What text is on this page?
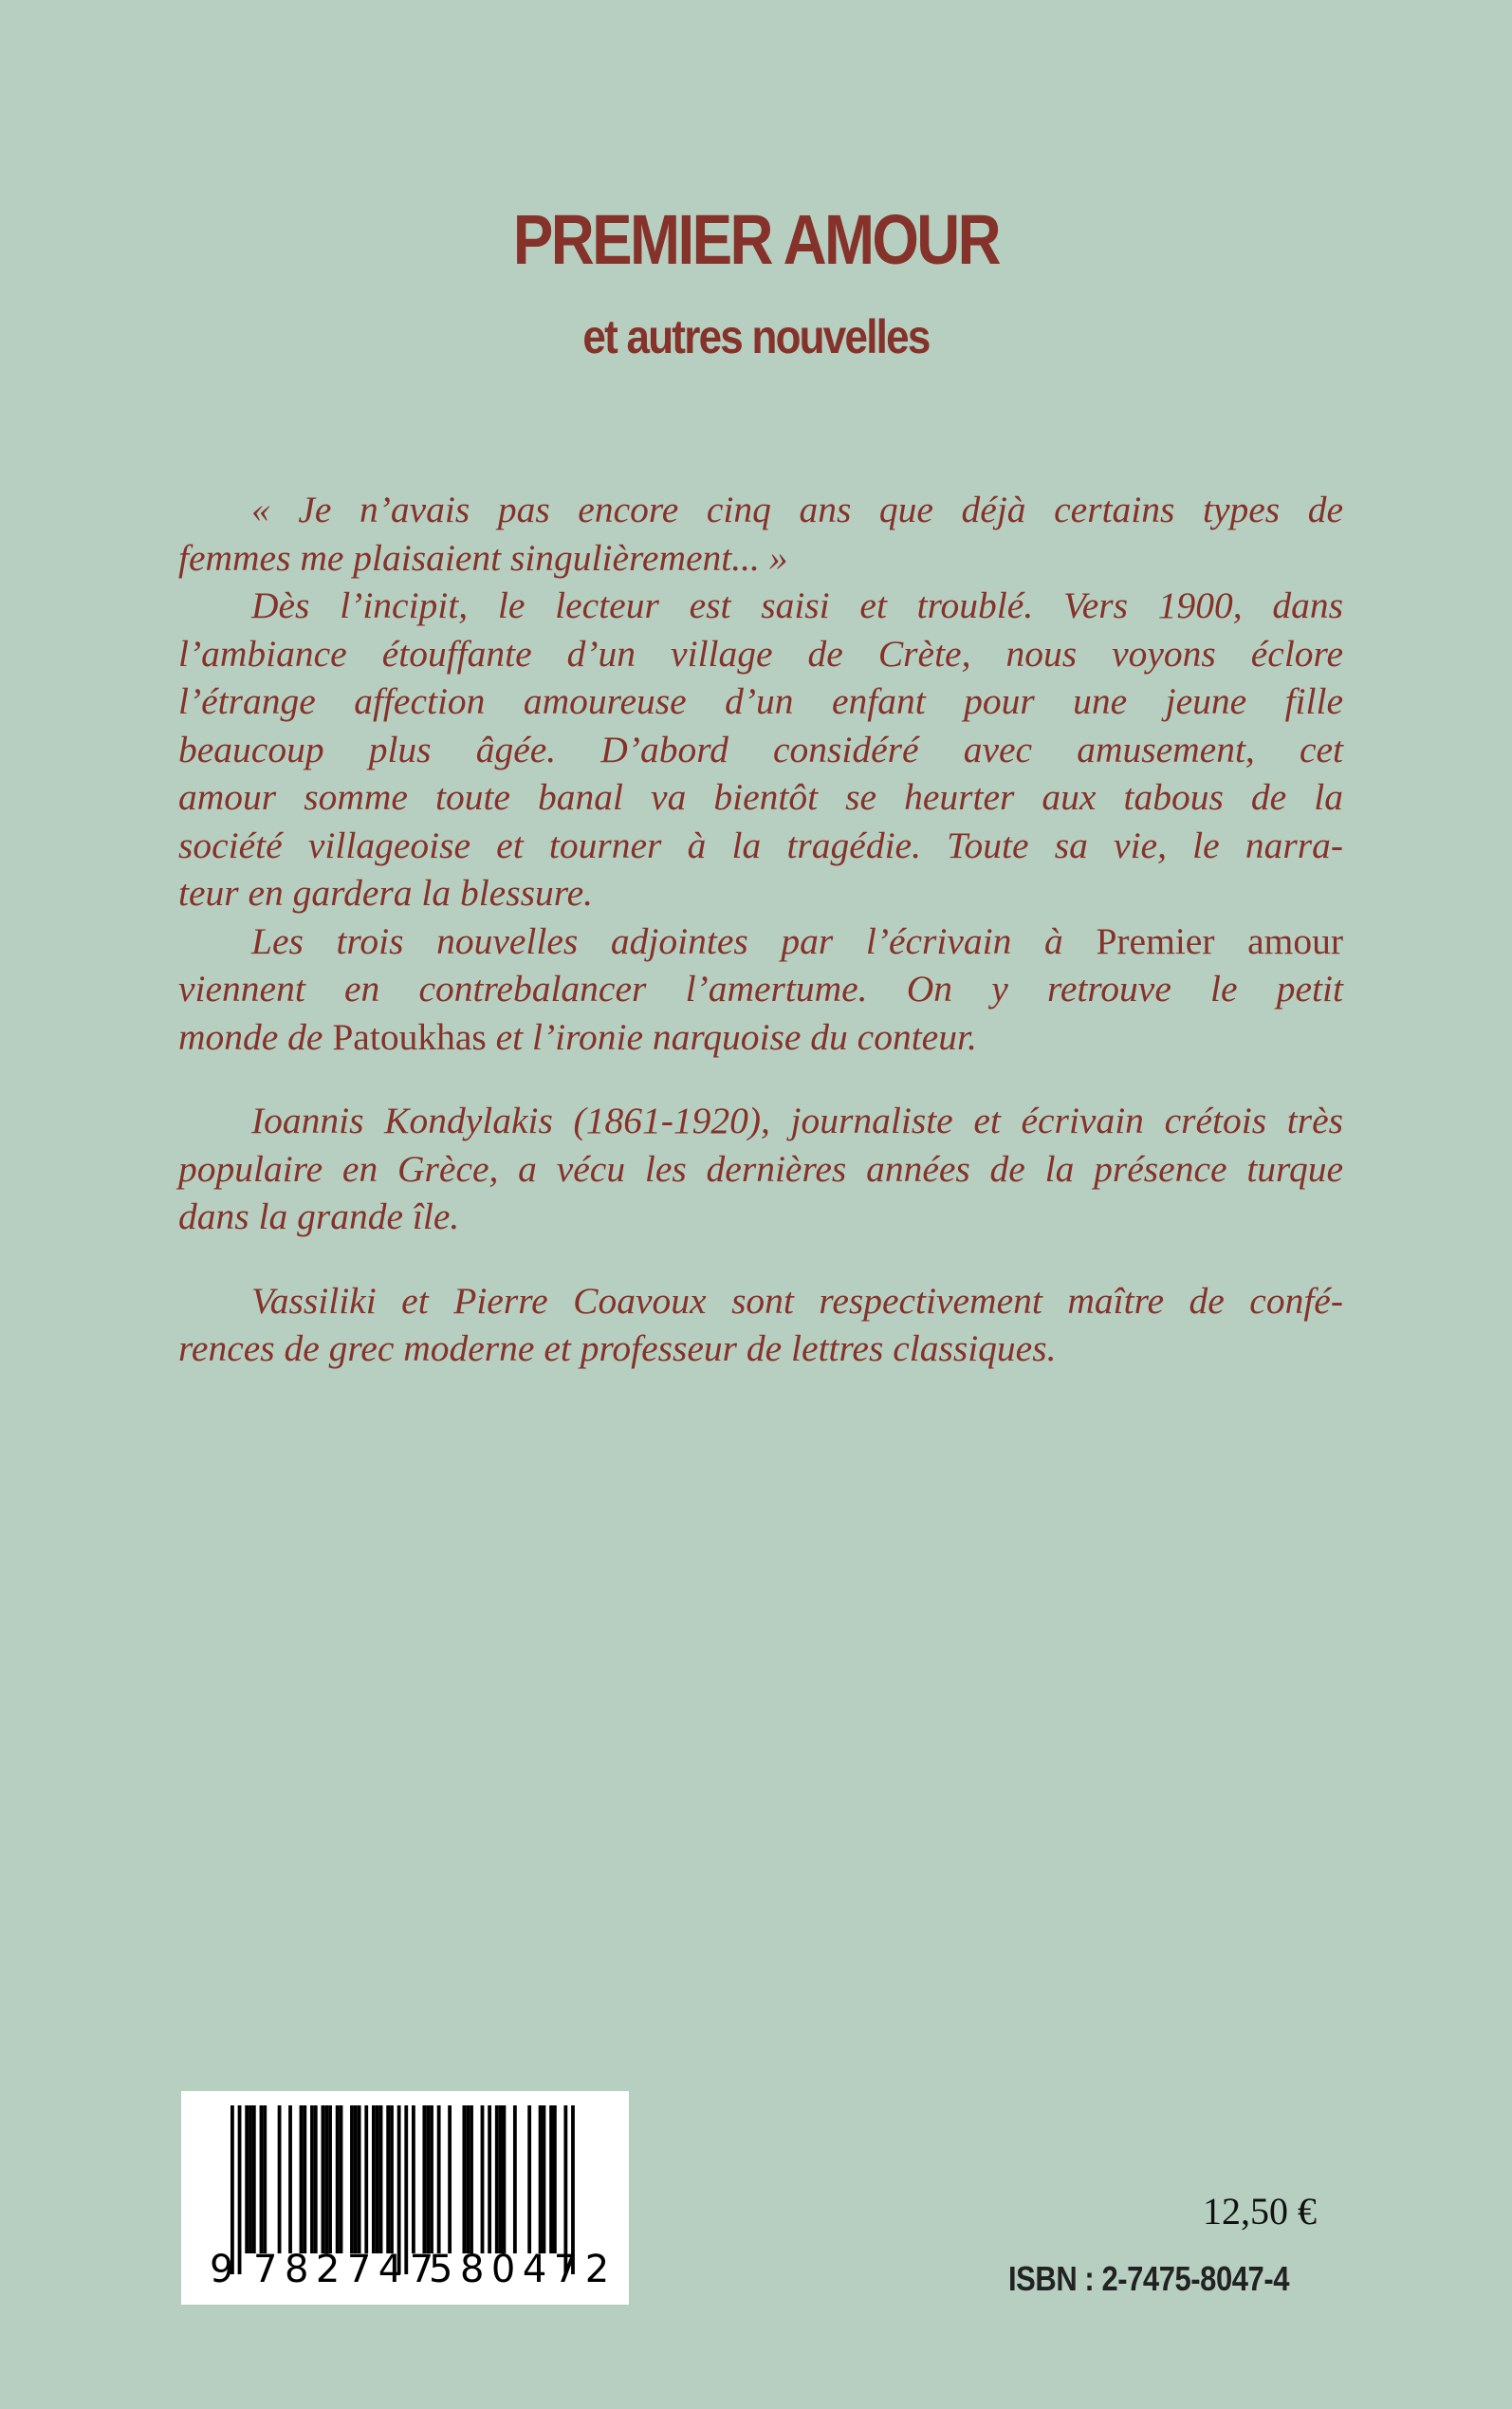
PREMIER AMOUR
et autres nouvelles
« Je n’avais pas encore cinq ans que déjà certains types de
femmes me plaisaient singulièrement... »
Dès l’incipit, le lecteur est saisi et troublé. Vers 1900, dans
l’ambiance étouffante d’un village de Crète, nous voyons éclore
l’étrange affection amoureuse d’un enfant pour une jeune fille
beaucoup plus âgée. D’abord considéré avec amusement, cet
amour somme toute banal va bientôt se heurter aux tabous de la
société villageoise et tourner à la tragédie. Toute sa vie, le narra-
teur en gardera la blessure.
Les trois nouvelles adjointes par l’écrivain à Premier amour
viennent en contrebalancer l’amertume. On y retrouve le petit
monde de Patoukhas et l’ironie narquoise du conteur.
Ioannis Kondylakis (1861-1920), journaliste et écrivain crétois très
populaire en Grèce, a vécu les dernières années de la présence turque
dans la grande île.
Vassiliki et Pierre Coavoux sont respectivement maître de confé-
rences de grec moderne et professeur de lettres classiques.
9 782747
580472
12,50 €
ISBN : 2-7475-8047-4
